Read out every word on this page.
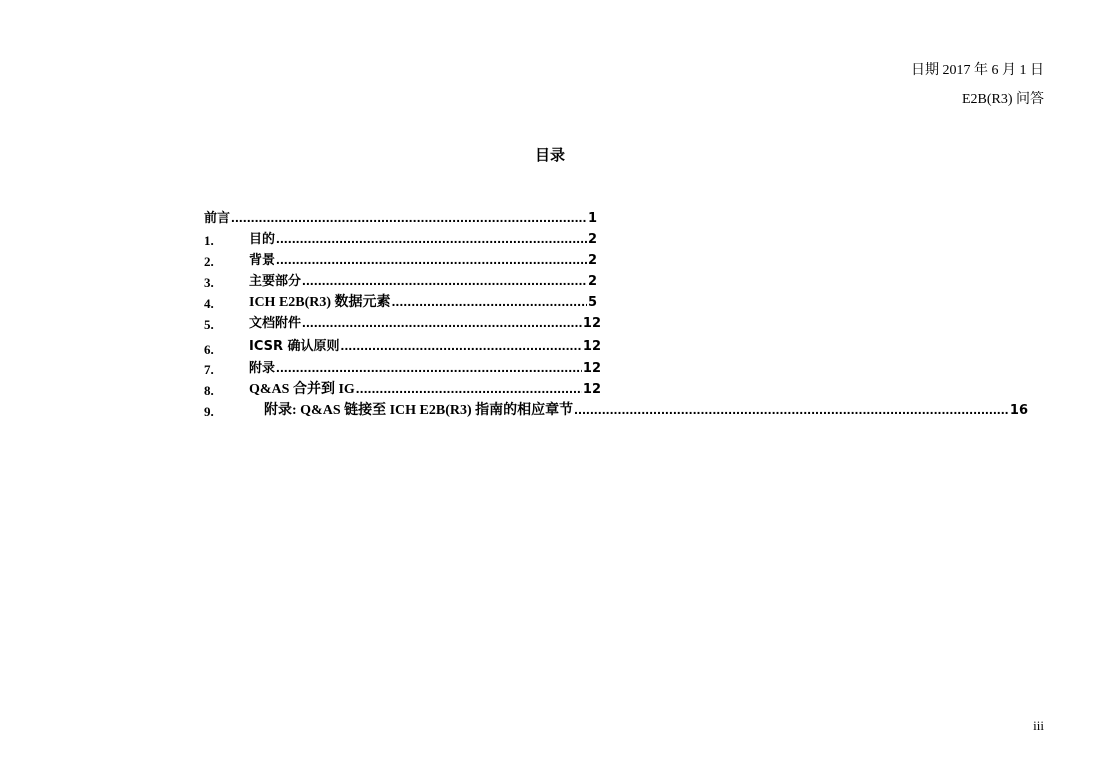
日期 2017 年 6 月 1 日
E2B(R3) 问答
目录
前言 .....	1
1.	目的 .....	2
2.	背景 .....	2
3.	主要部分 .....	2
4.	ICH E2B(R3) 数据元素 .....	5
5.	文档附件 .....	12
6.	ICSR 确认原则 .....	12
7.	附录 .....	12
8.	Q&AS 合并到 IG .....	12
9.	附录: Q&AS 链接至 ICH E2B(R3) 指南的相应章节 .....	16
iii
